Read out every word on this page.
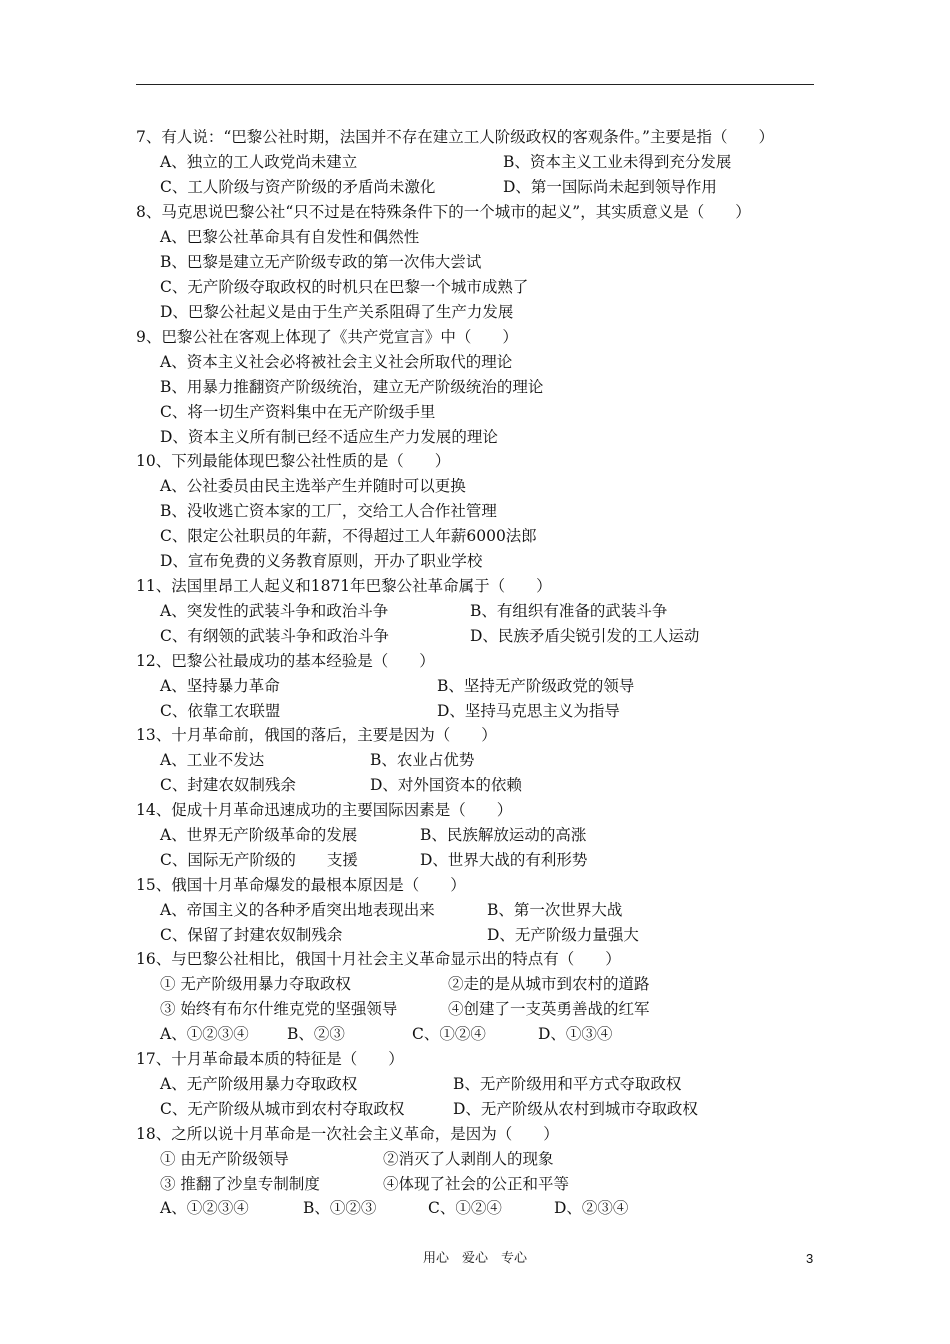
7、有人说：“巴黎公社时期，法国并不存在建立工人阶级政权的客观条件。”主要是指（　　）
A、独立的工人政党尚未建立	B、资本主义工业未得到充分发展
C、工人阶级与资产阶级的矛盾尚未激化	D、第一国际尚未起到领导作用
8、马克思说巴黎公社“只不过是在特殊条件下的一个城市的起义”，其实质意义是（　　）
A、巴黎公社革命具有自发性和偶然性
B、巴黎是建立无产阶级专政的第一次伟大尝试
C、无产阶级夺取政权的时机只在巴黎一个城市成熟了
D、巴黎公社起义是由于生产关系阻碍了生产力发展
9、巴黎公社在客观上体现了《共产党宣言》中（　　）
A、资本主义社会必将被社会主义社会所取代的理论
B、用暴力推翻资产阶级统治，建立无产阶级统治的理论
C、将一切生产资料集中在无产阶级手里
D、资本主义所有制已经不适应生产力发展的理论
10、下列最能体现巴黎公社性质的是（　　）
A、公社委员由民主选举产生并随时可以更换
B、没收逃亡资本家的工厂，交给工人合作社管理
C、限定公社职员的年薪，不得超过工人年薪6000法郎
D、宣布免费的义务教育原则，开办了职业学校
11、法国里昂工人起义和1871年巴黎公社革命属于（　　）
A、突发性的武装斗争和政治斗争	B、有组织有准备的武装斗争
C、有纲领的武装斗争和政治斗争	D、民族矛盾尖锐引发的工人运动
12、巴黎公社最成功的基本经验是（　　）
A、坚持暴力革命	B、坚持无产阶级政党的领导
C、依靠工农联盟	D、坚持马克思主义为指导
13、十月革命前，俄国的落后，主要是因为（　　）
A、工业不发达	B、农业占优势
C、封建农奴制残余	D、对外国资本的依赖
14、促成十月革命迅速成功的主要国际因素是（　　）
A、世界无产阶级革命的发展	B、民族解放运动的高涨
C、国际无产阶级的　　支援	D、世界大战的有利形势
15、俄国十月革命爆发的最根本原因是（　　）
A、帝国主义的各种矛盾突出地表现出来	B、第一次世界大战
C、保留了封建农奴制残余	D、无产阶级力量强大
16、与巴黎公社相比，俄国十月社会主义革命显示出的特点有（　　）
① 无产阶级用暴力夺取政权	②走的是从城市到农村的道路
③ 始终有布尔什维克党的坚强领导	④创建了一支英勇善战的红军
A、①②③④ B、②③	C、①②④	D、①③④
17、十月革命最本质的特征是（　　）
A、无产阶级用暴力夺取政权	B、无产阶级用和平方式夺取政权
C、无产阶级从城市到农村夺取政权	D、无产阶级从农村到城市夺取政权
18、之所以说十月革命是一次社会主义革命，是因为（　　）
① 由无产阶级领导	②消灭了人剥削人的现象
③ 推翻了沙皇专制制度	④体现了社会的公正和平等
A、①②③④	B、①②③	C、①②④	D、②③④
用心　爱心　专心	3
